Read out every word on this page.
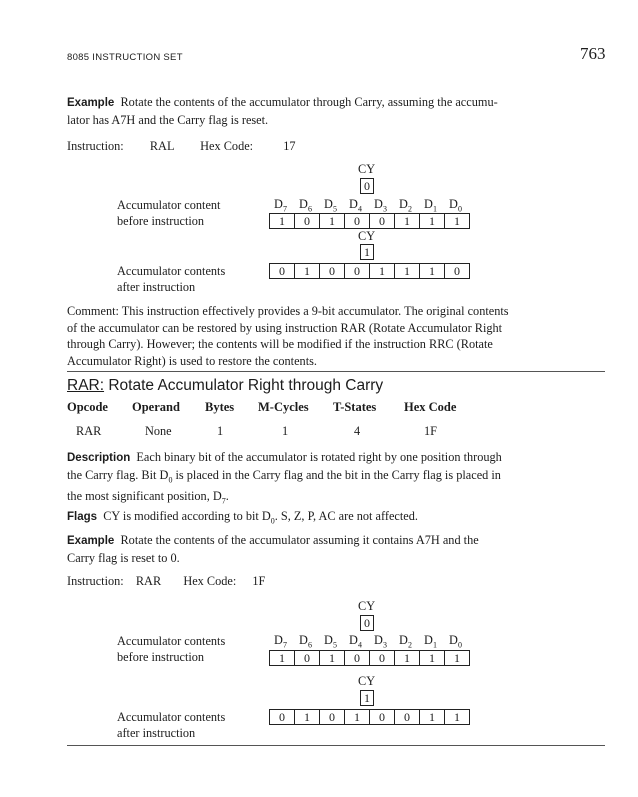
8085 INSTRUCTION SET	763
Example Rotate the contents of the accumulator through Carry, assuming the accumu-
lator has A7H and the Carry flag is reset.
Instruction: RAL Hex Code: 17
CY
0
Accumulator content
before instruction
$D_7$ $D_6$ $D_5$ $D_4$ $D_3$ $D_2$ $D_1$ $D_0$
1	0	1	0	0	1	1	1
CY
1
Accumulator contents
after instruction
0	1	0	0	1	1	1	0
Comment: This instruction effectively provides a 9-bit accumulator. The original contents
of the accumulator can be restored by using instruction RAR (Rotate Accumulator Right
through Carry). However; the contents will be modified if the instruction RRC (Rotate
Accumulator Right) is used to restore the contents.
RAR: Rotate Accumulator Right through Carry
Opcode Operand Bytes M-Cycles T-States Hex Code
RAR	None	1	1	4	1F
Description Each binary bit of the accumulator is rotated right by one position through
the Carry flag. Bit $D_0$ is placed in the Carry flag and the bit in the Carry flag is placed in
the most significant position, $D_7$.
Flags CY is modified according to bit $D_0$. S, Z, P, AC are not affected.
Example Rotate the contents of the accumulator assuming it contains A7H and the
Carry flag is reset to 0.
Instruction: RAR Hex Code: 1F
CY
0
Accumulator contents
before instruction
$D_7$ $D_6$ $D_5$ $D_4$ $D_3$ $D_2$ $D_1$ $D_0$
1	0	1	0	0	1	1	1
CY
1
Accumulator contents
after instruction
0	1	0	1	0	0	1	1
